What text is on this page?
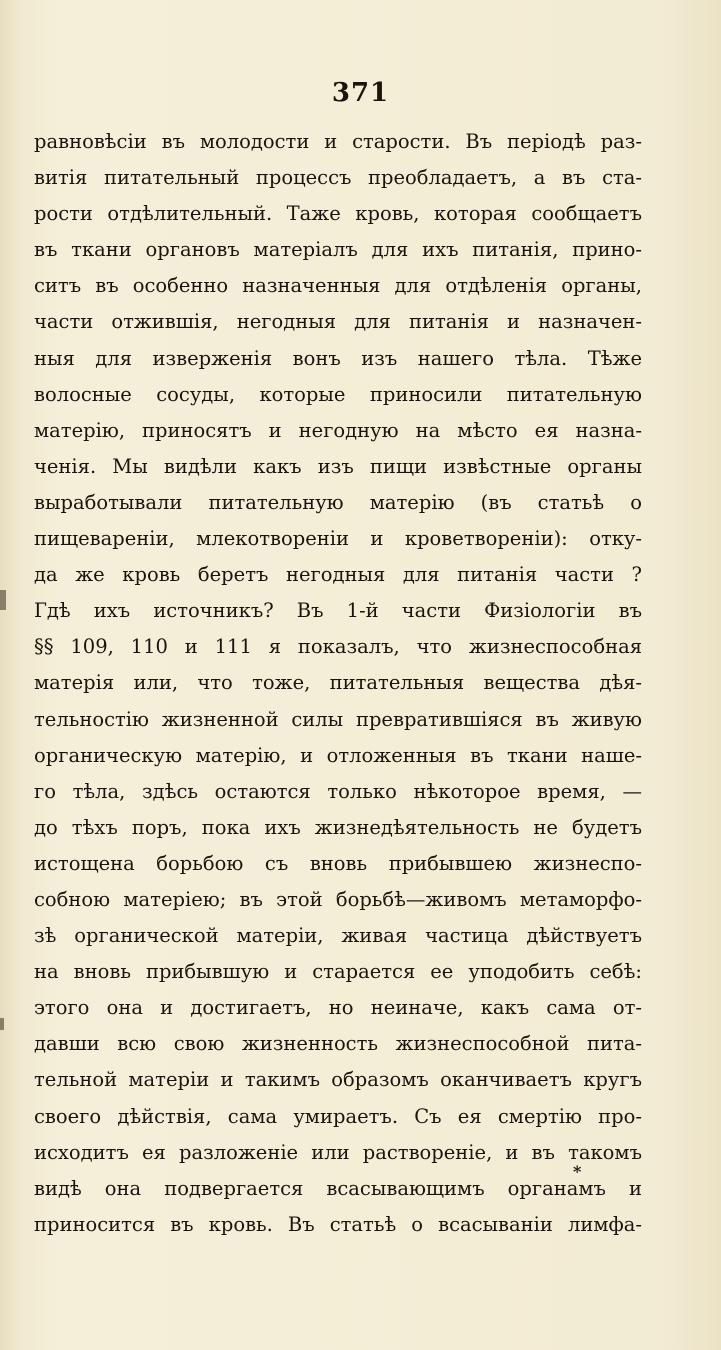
371
равновѣсіи въ молодости и старости. Въ періодѣ раз-
витія питательный процессъ преобладаетъ, а въ ста-
рости отдѣлительный. Таже кровь, которая сообщаетъ
въ ткани органовъ матеріалъ для ихъ питанія, прино-
ситъ въ особенно назначенныя для отдѣленія органы,
части отжившія, негодныя для питанія и назначен-
ныя для изверженія вонъ изъ нашего тѣла. Тѣже
волосные сосуды, которые приносили питательную
матерію, приносятъ и негодную на мѣсто ея назна-
ченія. Мы видѣли какъ изъ пищи извѣстные органы
выработывали питательную матерію (въ статьѣ о
пищевареніи, млекотвореніи и кроветвореніи): отку-
да же кровь беретъ негодныя для питанія части ?
Гдѣ ихъ источникъ? Въ 1-й части Физіологіи въ
§§ 109, 110 и 111 я показалъ, что жизнеспособная
матерія или, что тоже, питательныя вещества дѣя-
тельностію жизненной силы превратившіяся въ живую
органическую матерію, и отложенныя въ ткани наше-
го тѣла, здѣсь остаются только нѣкоторое время, —
до тѣхъ поръ, пока ихъ жизнедѣятельность не будетъ
истощена борьбою съ вновь прибывшею жизнеспо-
собною матеріею; въ этой борьбѣ—живомъ метаморфо-
зѣ органической матеріи, живая частица дѣйствуетъ
на вновь прибывшую и старается ее уподобить себѣ:
этого она и достигаетъ, но неиначе, какъ сама от-
давши всю свою жизненность жизнеспособной пита-
тельной матеріи и такимъ образомъ оканчиваетъ кругъ
своего дѣйствія, сама умираетъ. Съ ея смертію про-
исходитъ ея разложеніе или раствореніе, и въ такомъ
видѣ она подвергается всасывающимъ органамъ и
приносится въ кровь. Въ статьѣ о всасываніи лимфа-
*
